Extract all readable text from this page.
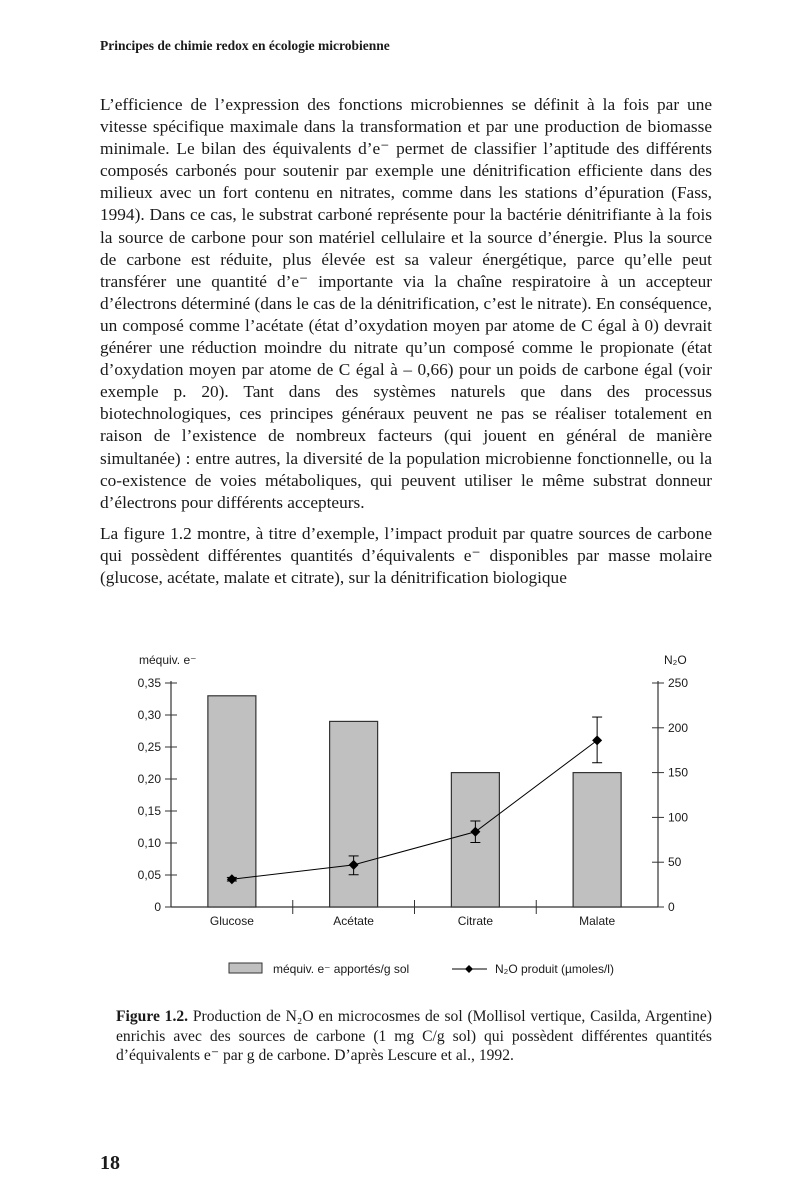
Principes de chimie redox en écologie microbienne

L’efficience de l’expression des fonctions microbiennes se définit à la fois par une vitesse spécifique maximale dans la transformation et par une production de biomasse minimale. Le bilan des équivalents d’e⁻ permet de classifier l’aptitude des différents composés carbonés pour soutenir par exemple une dénitrification efficiente dans des milieux avec un fort contenu en nitrates, comme dans les stations d’épuration (Fass, 1994). Dans ce cas, le substrat carboné représente pour la bactérie dénitrifiante à la fois la source de carbone pour son matériel cellulaire et la source d’énergie. Plus la source de carbone est réduite, plus élevée est sa valeur énergétique, parce qu’elle peut transférer une quantité d’e⁻ importante via la chaîne respiratoire à un accepteur d’électrons déterminé (dans le cas de la dénitrification, c’est le nitrate). En conséquence, un composé comme l’acétate (état d’oxydation moyen par atome de C égal à 0) devrait générer une réduction moindre du nitrate qu’un composé comme le propionate (état d’oxydation moyen par atome de C égal à – 0,66) pour un poids de carbone égal (voir exemple p. 20). Tant dans des systèmes naturels que dans des processus biotechnologiques, ces principes généraux peuvent ne pas se réaliser totalement en raison de l’existence de nombreux facteurs (qui jouent en général de manière simultanée) : entre autres, la diversité de la population microbienne fonctionnelle, ou la co-existence de voies métaboliques, qui peuvent utiliser le même substrat donneur d’électrons pour différents accepteurs.

La figure 1.2 montre, à titre d’exemple, l’impact produit par quatre sources de carbone qui possèdent différentes quantités d’équivalents e⁻ disponibles par masse molaire (glucose, acétate, malate et citrate), sur la dénitrification biologique

0
0,05
0,10
0,15
0,20
0,25
0,30
0,35
0
50
100
150
200
250
méquiv. e⁻	N₂O
Glucose	Acétate	Citrate	Malate
méquiv. e⁻ apportés/g sol	N₂O produit (µmoles/l)
Figure 1.2. Production de N₂O en microcosmes de sol (Mollisol vertique, Casilda, Argentine) enrichis avec des sources de carbone (1 mg C/g sol) qui possèdent différentes quantités d’équivalents e⁻ par g de carbone. D’après Lescure et al., 1992.
18
